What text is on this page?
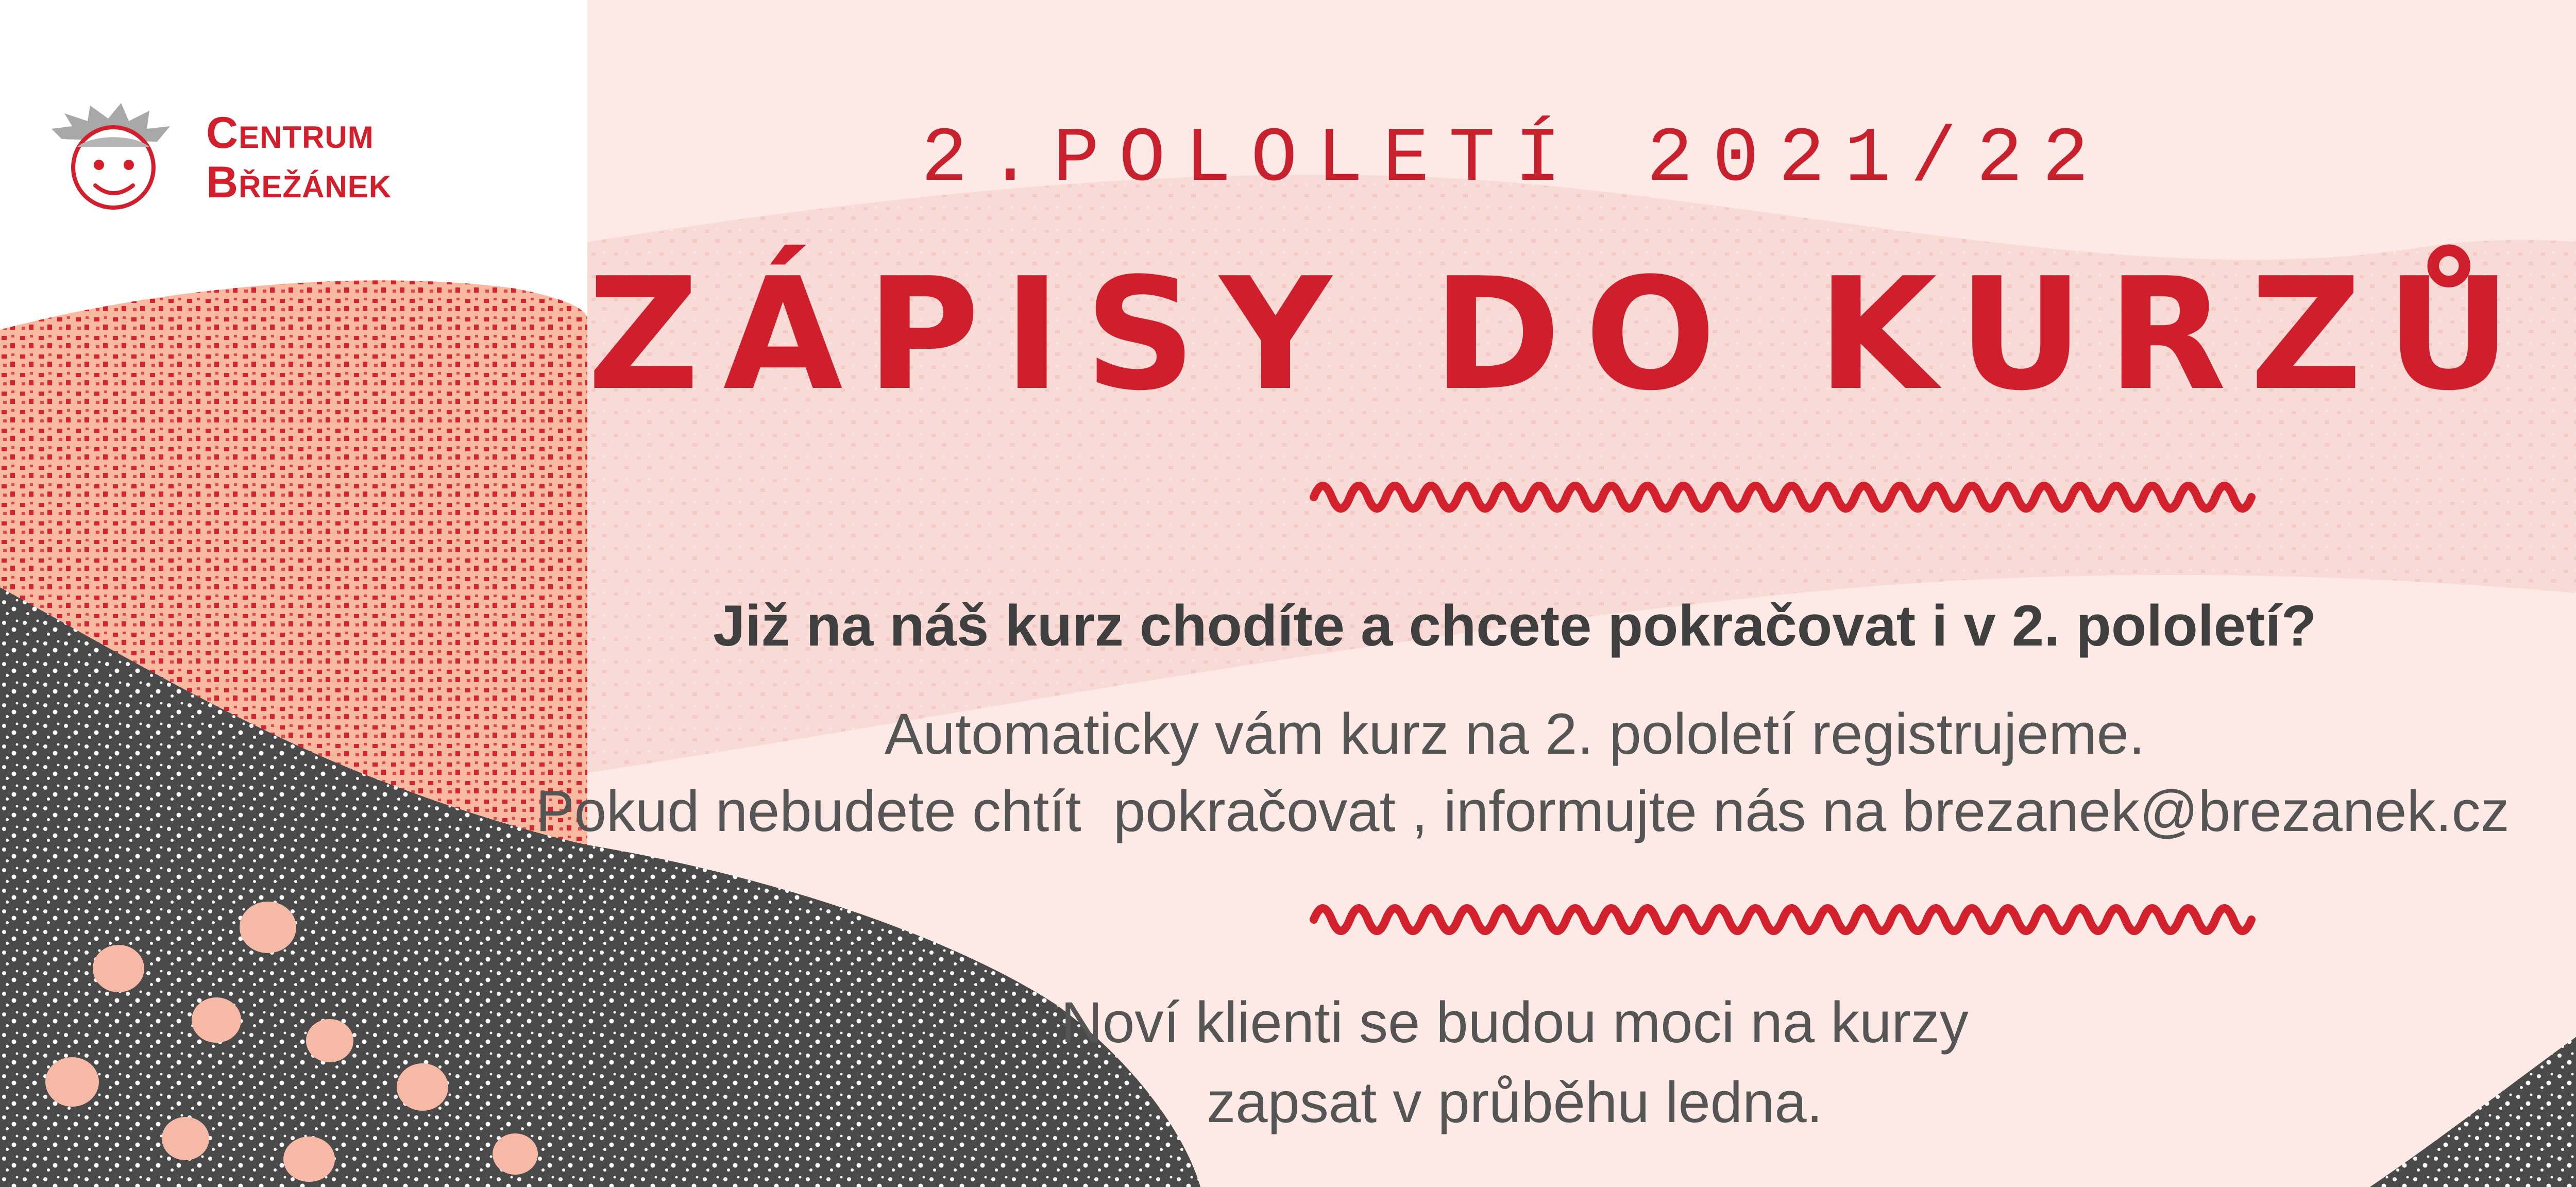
Centrum
Břežánek	2.POLOLETÍ 2021/22
ZÁPISY DO KURZŮ
Již na náš kurz chodíte a chcete pokračovat i v 2. pololetí?
Automaticky vám kurz na 2. pololetí registrujeme.
Pokud nebudete chtít  pokračovat , informujte nás na brezanek@brezanek.cz
Noví klienti se budou moci na kurzy
zapsat v průběhu ledna.
